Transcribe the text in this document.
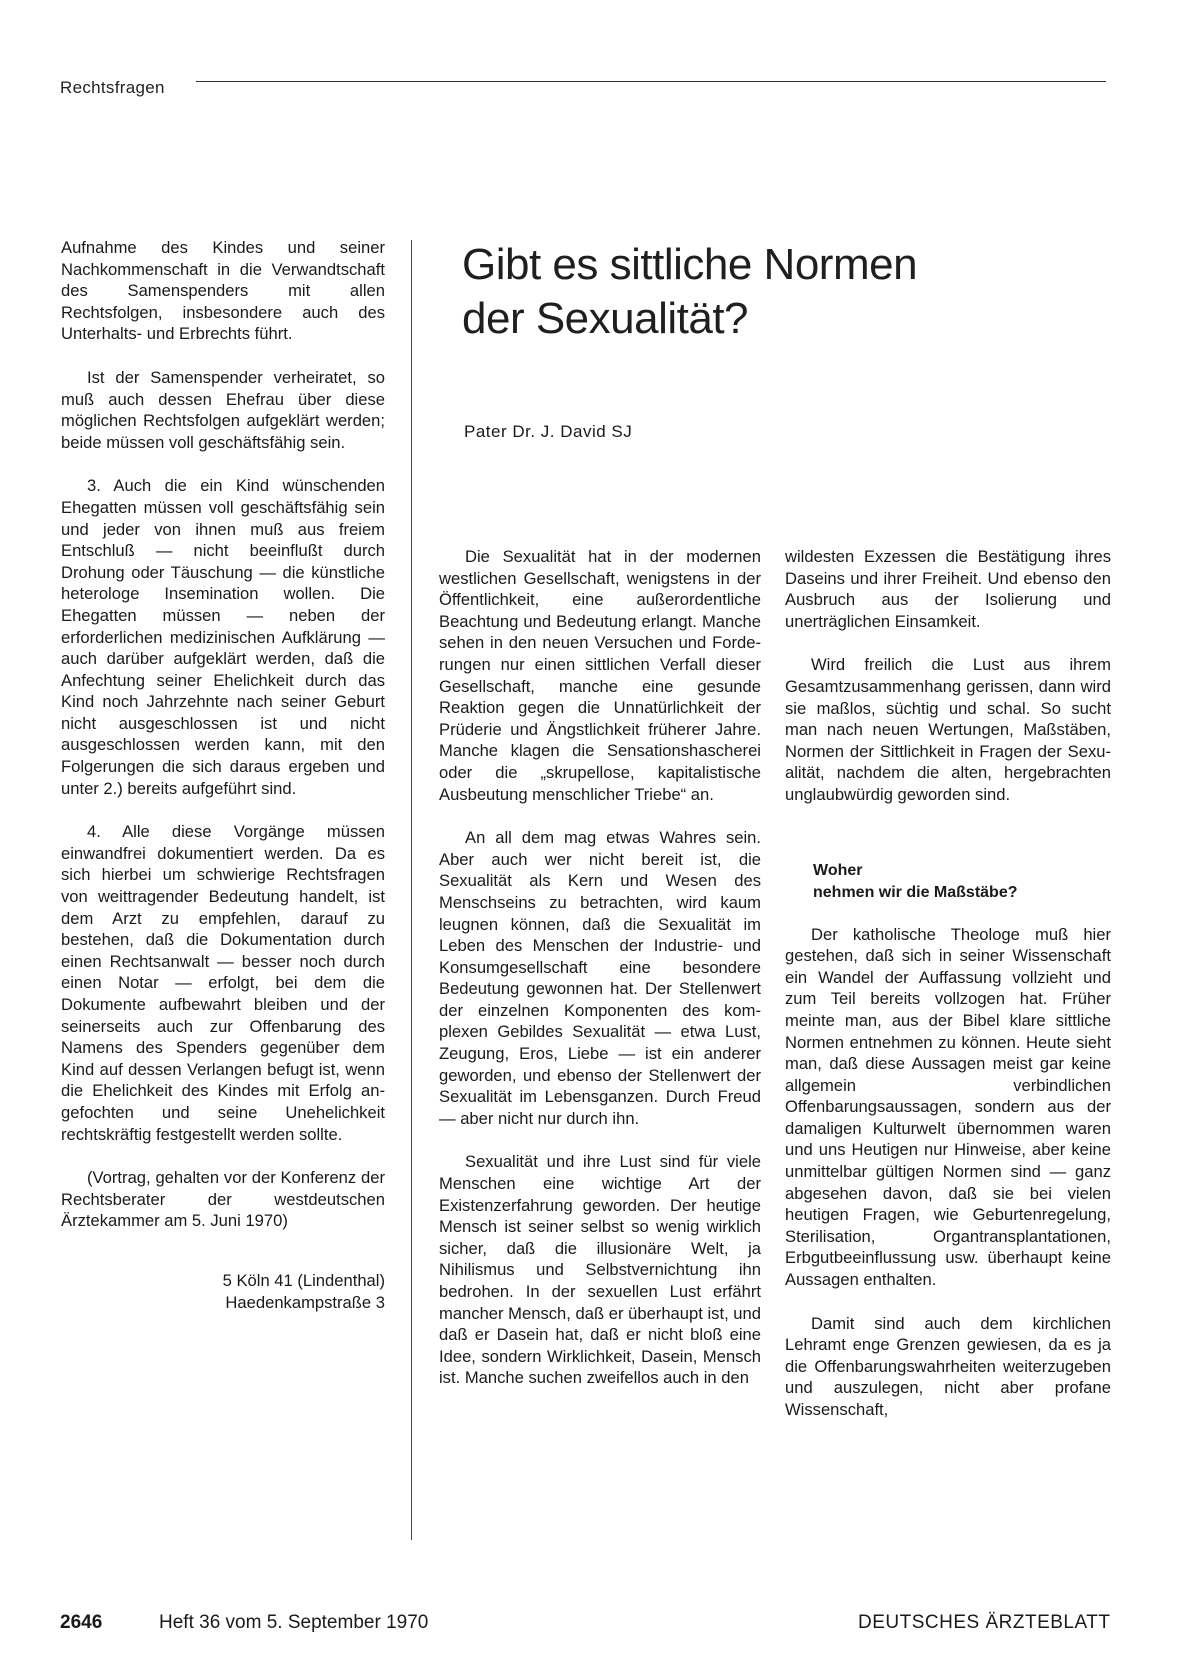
Rechtsfragen

Aufnahme des Kindes und seiner Nachkommenschaft in die Verwandtschaft des Samenspenders mit allen Rechtsfolgen, insbesondere auch des Unterhalts- und Erbrechts führt.

Ist der Samenspender verheiratet, so muß auch dessen Ehefrau über diese möglichen Rechtsfolgen aufgeklärt werden; beide müssen voll geschäftsfähig sein.

3. Auch die ein Kind wünschenden Ehegatten müssen voll geschäftsfähig sein und jeder von ihnen muß aus freiem Entschluß — nicht beeinflußt durch Drohung oder Täuschung — die künstliche heterologe Insemination wollen. Die Ehegatten müssen — neben der erforderlichen medizinischen Aufklärung — auch darüber aufgeklärt werden, daß die Anfechtung seiner Ehelichkeit durch das Kind noch Jahrzehnte nach seiner Geburt nicht ausgeschlossen ist und nicht ausgeschlossen werden kann, mit den Folgerungen die sich daraus ergeben und unter 2.) bereits aufgeführt sind.

4. Alle diese Vorgänge müssen einwandfrei dokumentiert werden. Da es sich hierbei um schwierige Rechtsfragen von weittragender Bedeutung handelt, ist dem Arzt zu empfehlen, darauf zu bestehen, daß die Dokumentation durch einen Rechtsanwalt — besser noch durch einen Notar — erfolgt, bei dem die Dokumente aufbewahrt bleiben und der seinerseits auch zur Offenbarung des Namens des Spenders gegenüber dem Kind auf dessen Verlangen befugt ist, wenn die Ehelichkeit des Kindes mit Erfolg angefochten und seine Unehelichkeit rechtskräftig festgestellt werden sollte.

(Vortrag, gehalten vor der Konferenz der Rechtsberater der westdeutschen Ärztekammer am 5. Juni 1970)

5 Köln 41 (Lindenthal)
Haedenkampstraße 3

Gibt es sittliche Normen
der Sexualität?
Pater Dr. J. David SJ

Die Sexualität hat in der modernen westlichen Gesellschaft, wenigstens in der Öffentlichkeit, eine außerordentliche Beachtung und Bedeutung erlangt. Manche sehen in den neuen Versuchen und Forderungen nur einen sittlichen Verfall dieser Gesellschaft, manche eine gesunde Reaktion gegen die Unnatürlichkeit der Prüderie und Ängstlichkeit früherer Jahre. Manche klagen die Sensationshascherei oder die „skrupellose, kapitalistische Ausbeutung menschlicher Triebe“ an.

An all dem mag etwas Wahres sein. Aber auch wer nicht bereit ist, die Sexualität als Kern und Wesen des Menschseins zu betrachten, wird kaum leugnen können, daß die Sexualität im Leben des Menschen der Industrie- und Konsumgesellschaft eine besondere Bedeutung gewonnen hat. Der Stellenwert der einzelnen Komponenten des komplexen Gebildes Sexualität — etwa Lust, Zeugung, Eros, Liebe — ist ein anderer geworden, und ebenso der Stellenwert der Sexualität im Lebensganzen. Durch Freud — aber nicht nur durch ihn.

Sexualität und ihre Lust sind für viele Menschen eine wichtige Art der Existenzerfahrung geworden. Der heutige Mensch ist seiner selbst so wenig wirklich sicher, daß die illusionäre Welt, ja Nihilismus und Selbstvernichtung ihn bedrohen. In der sexuellen Lust erfährt mancher Mensch, daß er überhaupt ist, und daß er Dasein hat, daß er nicht bloß eine Idee, sondern Wirklichkeit, Dasein, Mensch ist. Manche suchen zweifellos auch in den

wildesten Exzessen die Bestätigung ihres Daseins und ihrer Freiheit. Und ebenso den Ausbruch aus der Isolierung und unerträglichen Einsamkeit.

Wird freilich die Lust aus ihrem Gesamtzusammenhang gerissen, dann wird sie maßlos, süchtig und schal. So sucht man nach neuen Wertungen, Maßstäben, Normen der Sittlichkeit in Fragen der Sexualität, nachdem die alten, hergebrachten unglaubwürdig geworden sind.

Woher
nehmen wir die Maßstäbe?

Der katholische Theologe muß hier gestehen, daß sich in seiner Wissenschaft ein Wandel der Auffassung vollzieht und zum Teil bereits vollzogen hat. Früher meinte man, aus der Bibel klare sittliche Normen entnehmen zu können. Heute sieht man, daß diese Aussagen meist gar keine allgemein verbindlichen Offenbarungsaussagen, sondern aus der damaligen Kulturwelt übernommen waren und uns Heutigen nur Hinweise, aber keine unmittelbar gültigen Normen sind — ganz abgesehen davon, daß sie bei vielen heutigen Fragen, wie Geburtenregelung, Sterilisation, Organtransplantationen, Erbgutbeeinflussung usw. überhaupt keine Aussagen enthalten.

Damit sind auch dem kirchlichen Lehramt enge Grenzen gewiesen, da es ja die Offenbarungswahrheiten weiterzugeben und auszulegen, nicht aber profane Wissenschaft,

2646	Heft 36 vom 5. September 1970	DEUTSCHES ÄRZTEBLATT
